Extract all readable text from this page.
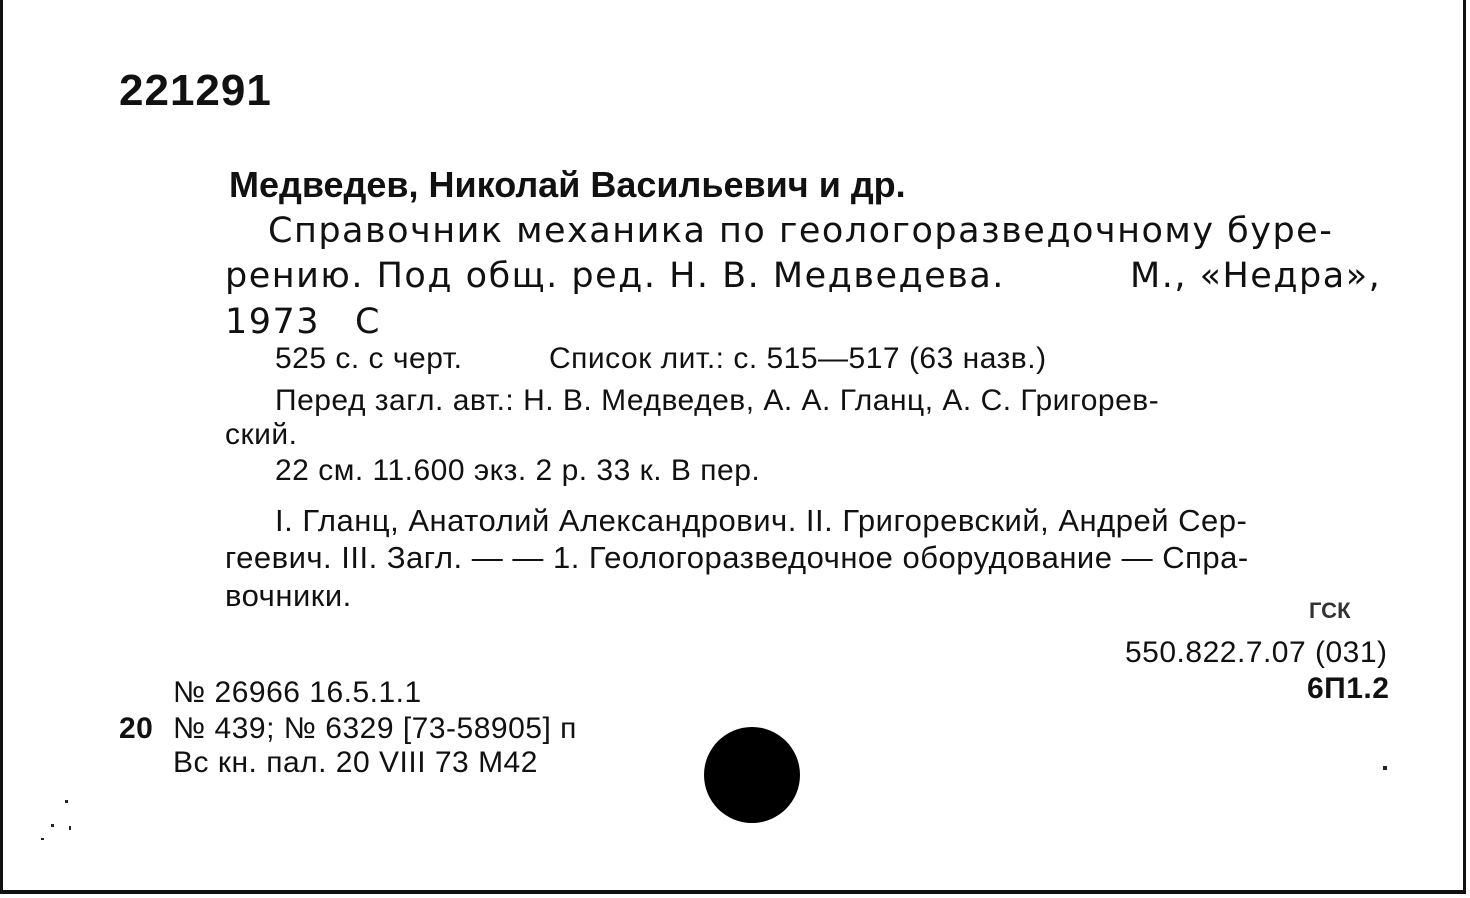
221291
Медведев, Николай Васильевич и др.
Справочник механика по геологоразведочному буре-
рению. Под общ. ред. Н. В. Медведева.	М., «Недра»,
1973 С
525 с. с черт.	Список лит.: с. 515—517 (63 назв.)
Перед загл. авт.: Н. В. Медведев, А. А. Гланц, А. С. Григорев-
ский.
22 см. 11.600 экз. 2 р. 33 к. В пер.
I. Гланц, Анатолий Александрович. II. Григоревский, Андрей Сер-
геевич. III. Загл. — — 1. Геологоразведочное оборудование — Спра-
вочники.	ГСК
550.822.7.07 (031)
6П1.2
№ 26966 16.5.1.1
20 № 439; № 6329 [73-58905] п
Вс кн. пал. 20 VIII 73 М42
